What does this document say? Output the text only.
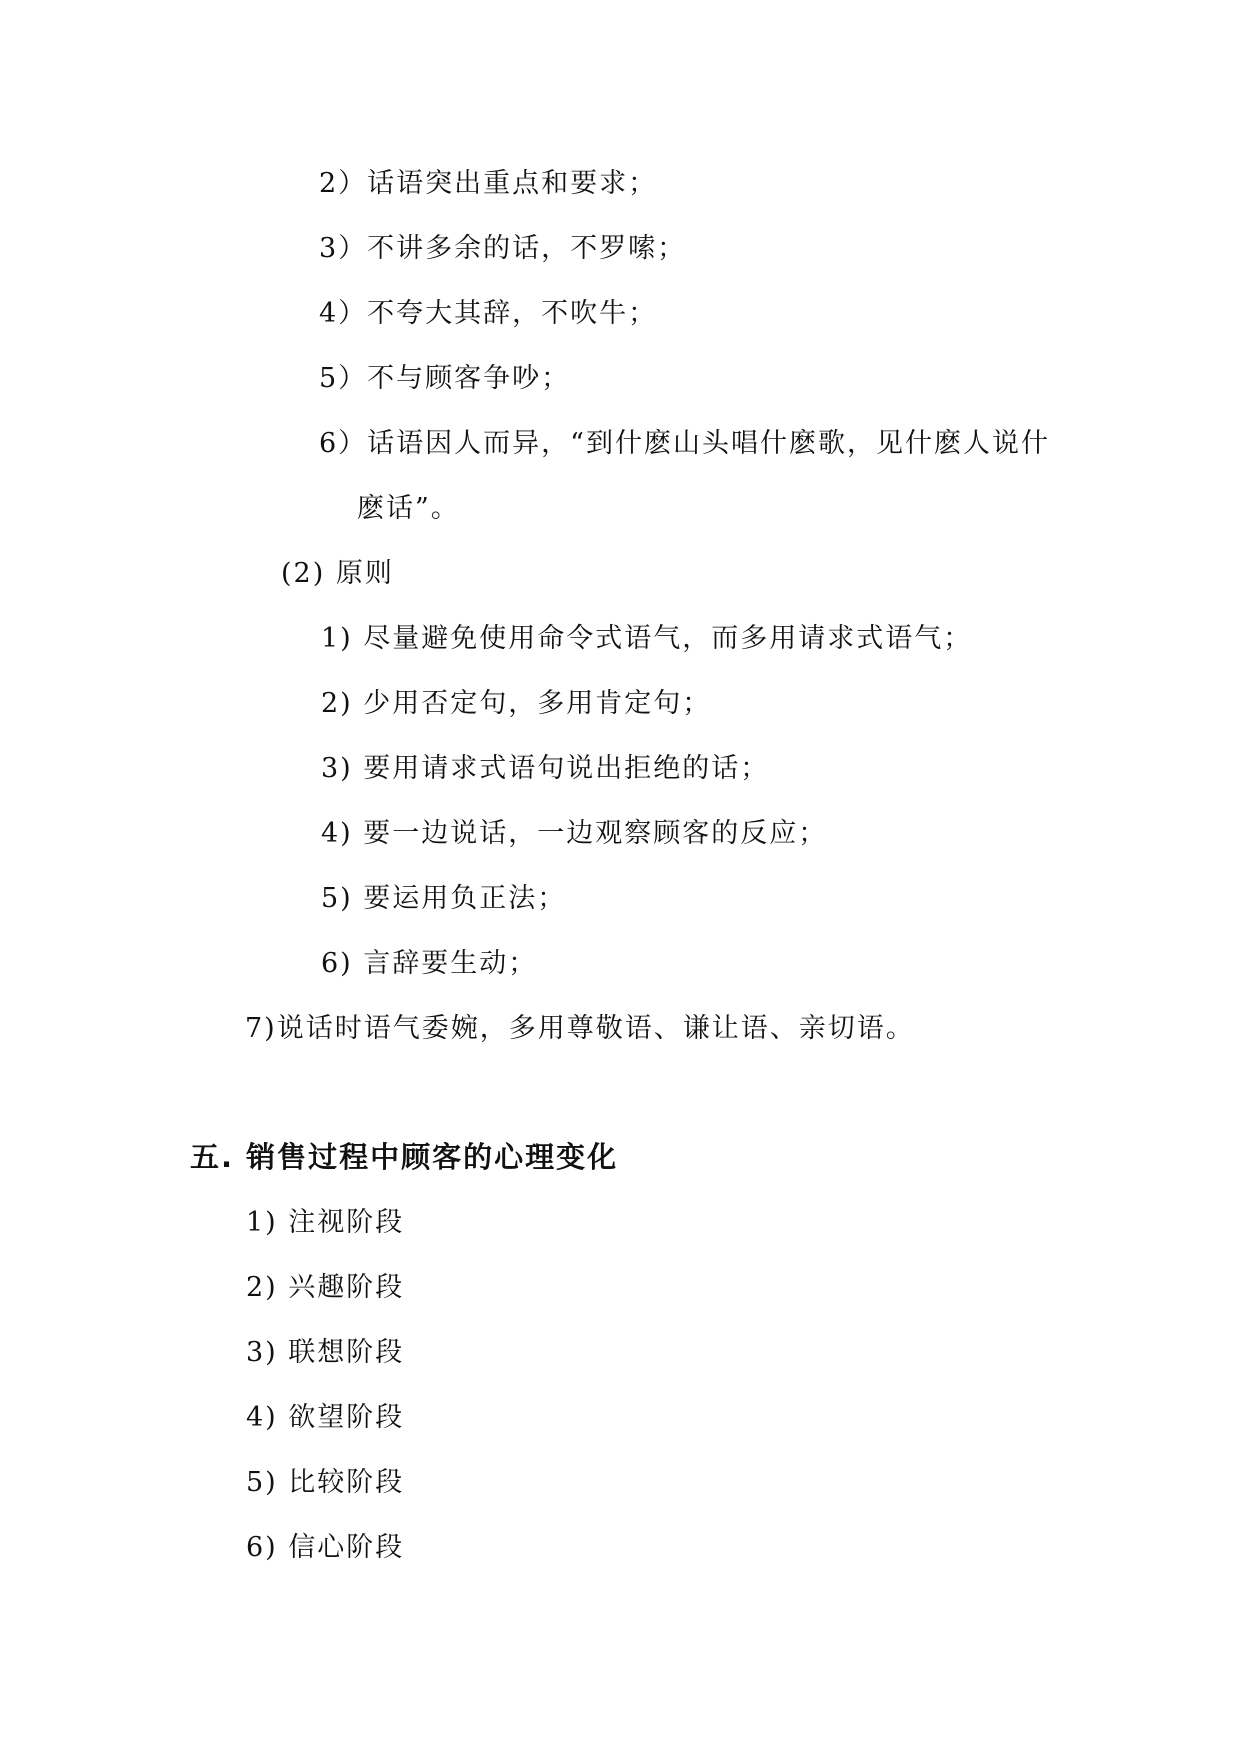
2）话语突出重点和要求；
3）不讲多余的话，不罗嗦；
4）不夸大其辞，不吹牛；
5）不与顾客争吵；
6）话语因人而异，“到什麽山头唱什麽歌，见什麽人说什
麽话”。
(2) 原则
1) 尽量避免使用命令式语气，而多用请求式语气；
2) 少用否定句，多用肯定句；
3) 要用请求式语句说出拒绝的话；
4) 要一边说话，一边观察顾客的反应；
5) 要运用负正法；
6) 言辞要生动；
7)说话时语气委婉，多用尊敬语、谦让语、亲切语。
五. 销售过程中顾客的心理变化
1) 注视阶段
2) 兴趣阶段
3) 联想阶段
4) 欲望阶段
5) 比较阶段
6) 信心阶段
